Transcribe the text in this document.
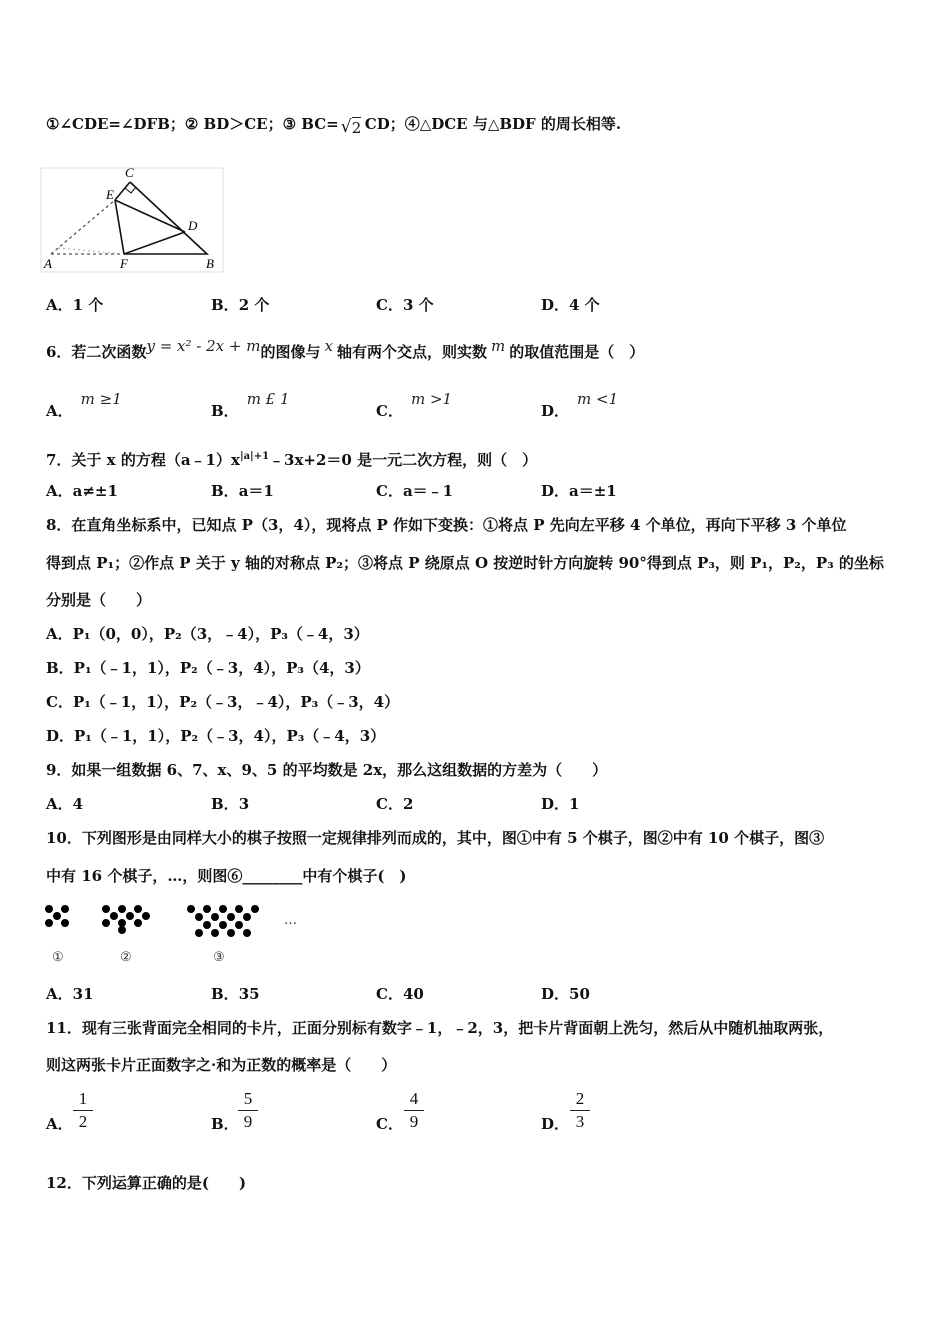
①∠CDE=∠DFB；② BD＞CE；③ BC= √ 2 CD；④△DCE 与△BDF 的周长相等.
C
E
D
A	F	B
A．1 个	B．2 个	C．3 个	D．4 个
6．若二次函数y = x² - 2x + m的图像与 x 轴有两个交点，则实数 m 的取值范围是（　）
A．m ≥1
B．m £ 1
C．m >1
D．m <1
7．关于 x 的方程$(a﹣1)x^{|a|+1}﹣3x+2=0$ 是一元二次方程，则（　）
A．a≠±1	B．a＝1	C．a＝﹣1	D．a＝±1
8．在直角坐标系中，已知点 P（3，4），现将点 P 作如下变换：①将点 P 先向左平移 4 个单位，再向下平移 3 个单位
得到点 P₁；②作点 P 关于 y 轴的对称点 P₂；③将点 P 绕原点 O 按逆时针方向旋转 90°得到点 P₃，则 P₁，P₂，P₃ 的坐标
分别是（　　）
A．P₁（0，0），P₂（3，﹣4），P₃（﹣4，3）
B．P₁（﹣1，1），P₂（﹣3，4），P₃（4，3）
C．P₁（﹣1，1），P₂（﹣3，﹣4），P₃（﹣3，4）
D．P₁（﹣1，1），P₂（﹣3，4），P₃（﹣4，3）
9．如果一组数据 6、7、x、9、5 的平均数是 2x，那么这组数据的方差为（　　）
A．4	B．3	C．2	D．1
10．下列图形是由同样大小的棋子按照一定规律排列而成的，其中，图①中有 5 个棋子，图②中有 10 个棋子，图③
中有 16 个棋子，…，则图⑥________中有个棋子(　)
…
①	②	③
A．31	B．35	C．40	D．50
11．现有三张背面完全相同的卡片，正面分别标有数字﹣1，﹣2，3，把卡片背面朝上洗匀，然后从中随机抽取两张，
则这两张卡片正面数字之·和为正数的概率是（　　）
A．
1
2	B．
5
9	C．
4
9	D．
2
3
12．下列运算正确的是(　　)
